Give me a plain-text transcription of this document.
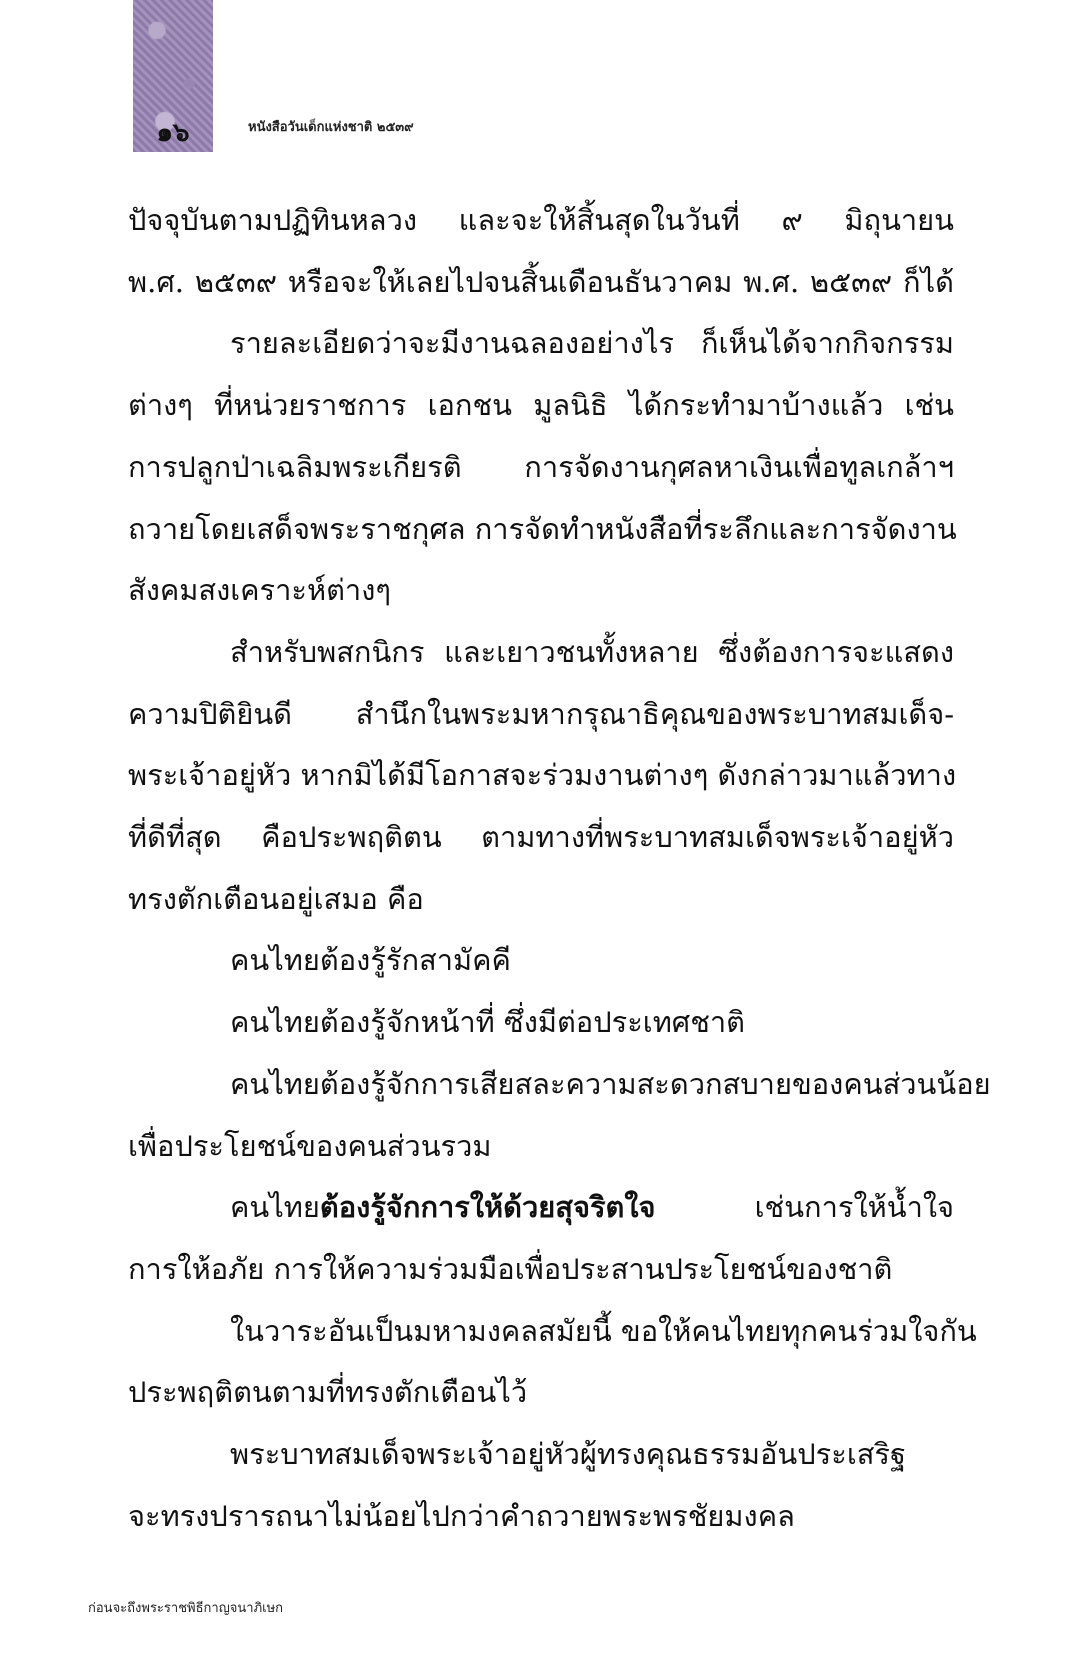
๑๖	หนังสือวันเด็กแห่งชาติ ๒๕๓๙
ปัจจุบันตามปฏิทินหลวง และจะให้สิ้นสุดในวันที่ ๙ มิถุนายน
พ.ศ. ๒๕๓๙ หรือจะให้เลยไปจนสิ้นเดือนธันวาคม พ.ศ. ๒๕๓๙ ก็ได้
รายละเอียดว่าจะมีงานฉลองอย่างไร ก็เห็นได้จากกิจกรรม
ต่างๆ ที่หน่วยราชการ เอกชน มูลนิธิ ได้กระทำมาบ้างแล้ว เช่น
การปลูกป่าเฉลิมพระเกียรติ การจัดงานกุศลหาเงินเพื่อทูลเกล้าฯ
ถวายโดยเสด็จพระราชกุศล การจัดทำหนังสือที่ระลึกและการจัดงาน
สังคมสงเคราะห์ต่างๆ
สำหรับพสกนิกร และเยาวชนทั้งหลาย ซึ่งต้องการจะแสดง
ความปิติยินดี สำนึกในพระมหากรุณาธิคุณของพระบาทสมเด็จ-
พระเจ้าอยู่หัว หากมิได้มีโอกาสจะร่วมงานต่างๆ ดังกล่าวมาแล้วทาง
ที่ดีที่สุด คือประพฤติตน ตามทางที่พระบาทสมเด็จพระเจ้าอยู่หัว
ทรงตักเตือนอยู่เสมอ คือ
คนไทยต้องรู้รักสามัคคี
คนไทยต้องรู้จักหน้าที่ ซึ่งมีต่อประเทศชาติ
คนไทยต้องรู้จักการเสียสละความสะดวกสบายของคนส่วนน้อย
เพื่อประโยชน์ของคนส่วนรวม
คนไทยต้องรู้จักการให้ด้วยสุจริตใจ เช่นการให้น้ำใจ
การให้อภัย การให้ความร่วมมือเพื่อประสานประโยชน์ของชาติ
ในวาระอันเป็นมหามงคลสมัยนี้ ขอให้คนไทยทุกคนร่วมใจกัน
ประพฤติตนตามที่ทรงตักเตือนไว้
พระบาทสมเด็จพระเจ้าอยู่หัวผู้ทรงคุณธรรมอันประเสริฐ
จะทรงปรารถนาไม่น้อยไปกว่าคำถวายพระพรชัยมงคล
ก่อนจะถึงพระราชพิธีกาญจนาภิเษก
